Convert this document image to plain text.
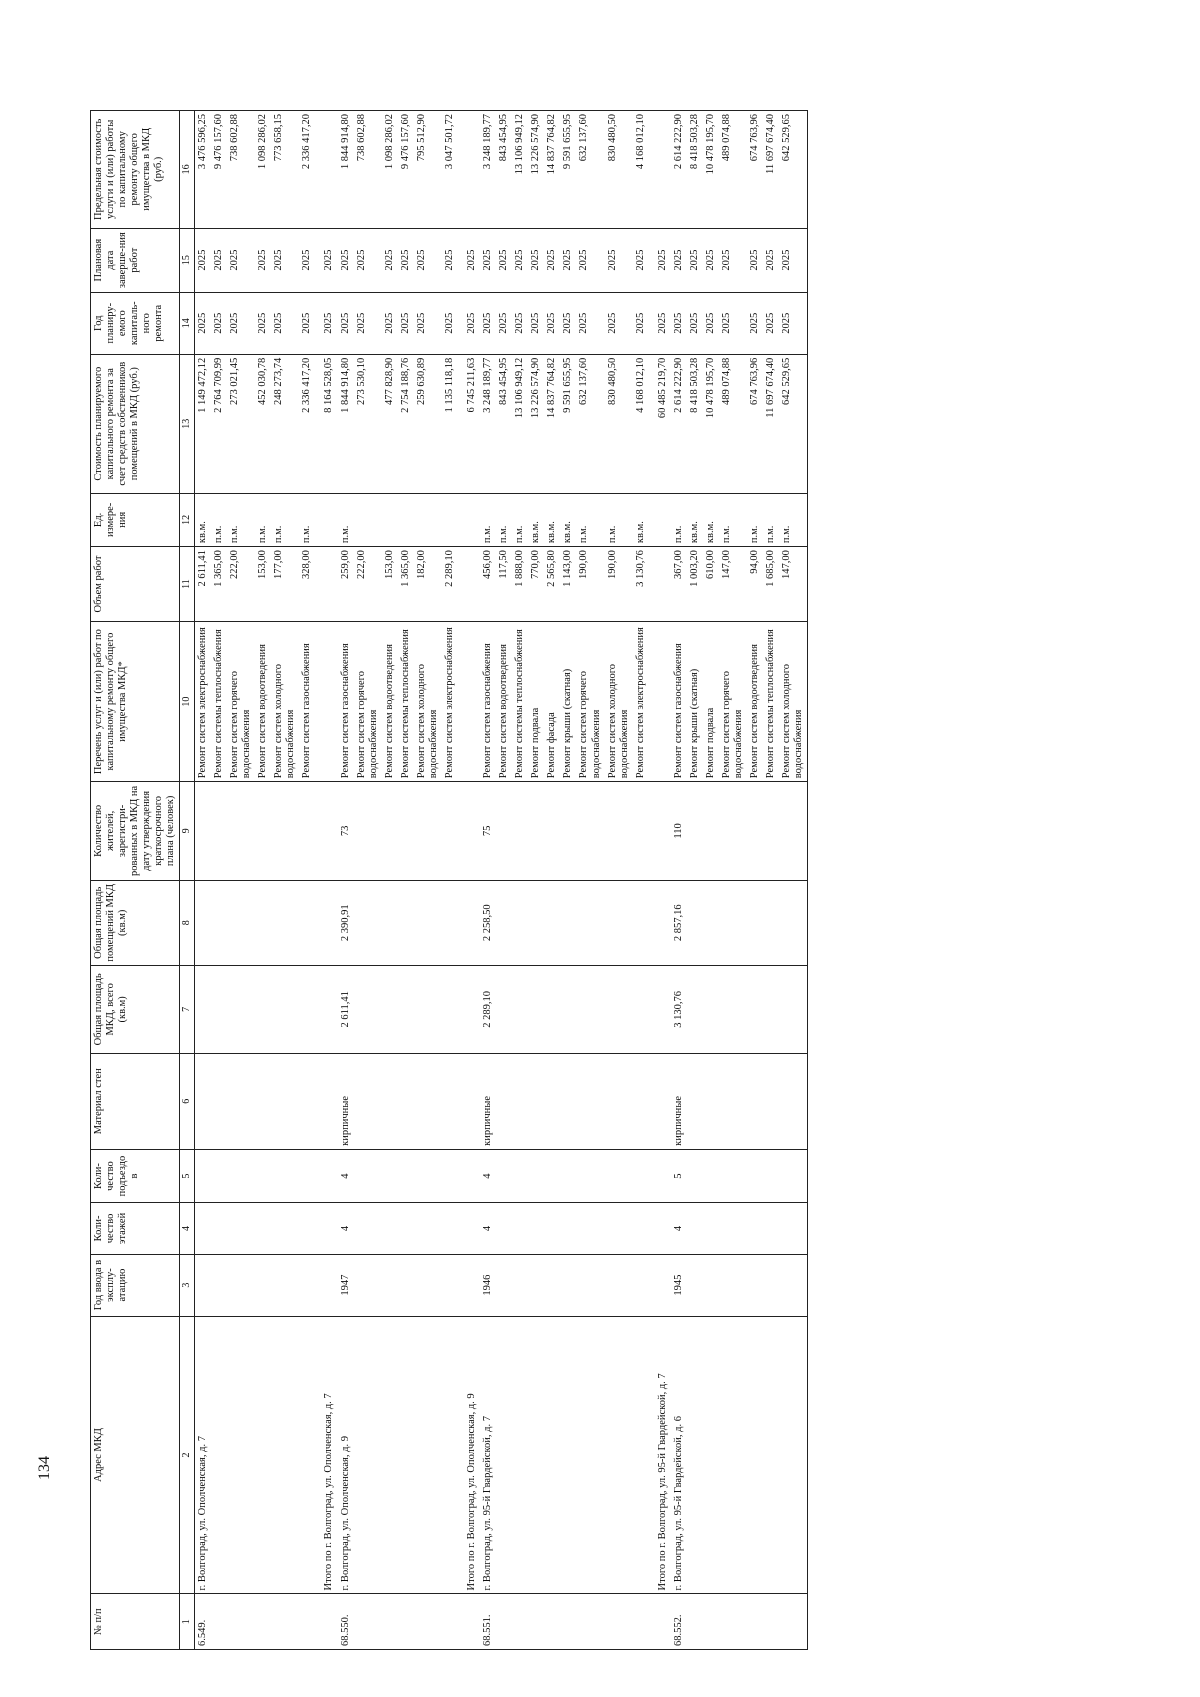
134
№ п/п	Адрес МКД	Год ввода в эксплу-атацию	Коли-чество этажей	Коли-чество подъездо в	Материал стен	Общая площадь МКД, всего (кв.м)	Общая площадь помещений МКД (кв.м)	Количество жителей, зарегистри-рованных в МКД на дату утверждения краткосрочного плана (человек)	Перечень услуг и (или) работ по капитальному ремонту общего имущества МКД*	Объем работ	Ед. измере-ния	Стоимость планируемого капитального ремонта за счет средств собственников помещений в МКД (руб.)	Год планиру-емого капиталь-ного ремонта	Плановая дата заверше-ния работ	Предельная стоимость услуги и (или) работы по капитальному ремонту общего имущества в МКД (руб.)
1	2	3	4	5	6	7	8	9	10	11	12	13	14	15	16
6.549.	г. Волгоград, ул. Ополченская, д. 7								Ремонт систем электроснабжения	2 611,41	кв.м.	1 149 472,12	2025	2025	3 476 596,25
									Ремонт системы теплоснабжения	1 365,00	п.м.	2 764 709,99	2025	2025	9 476 157,60
									Ремонт систем горячего водоснабжения	222,00	п.м.	273 021,45	2025	2025	738 602,88
									Ремонт систем водоотведения	153,00	п.м.	452 030,78	2025	2025	1 098 286,02
									Ремонт систем холодного водоснабжения	177,00	п.м.	248 273,74	2025	2025	773 658,15
									Ремонт систем газоснабжения	328,00	п.м.	2 336 417,20	2025	2025	2 336 417,20
	Итого по г. Волгоград, ул. Ополченская, д. 7											8 164 528,05	2025	2025	
68.550.	г. Волгоград, ул. Ополченская, д. 9	1947	4	4	кирпичные	2 611,41	2 390,91	73	Ремонт систем газоснабжения	259,00	п.м.	1 844 914,80	2025	2025	1 844 914,80
									Ремонт систем горячего водоснабжения	222,00		273 530,10	2025	2025	738 602,88
									Ремонт систем водоотведения	153,00		477 828,90	2025	2025	1 098 286,02
									Ремонт системы теплоснабжения	1 365,00		2 754 188,76	2025	2025	9 476 157,60
									Ремонт систем холодного водоснабжения	182,00		259 630,89	2025	2025	795 512,90
									Ремонт систем электроснабжения	2 289,10		1 135 118,18	2025	2025	3 047 501,72
	Итого по г. Волгоград, ул. Ополченская, д. 9											6 745 211,63	2025	2025	
68.551.	г. Волгоград, ул. 95-й Гвардейской, д. 7	1946	4	4	кирпичные	2 289,10	2 258,50	75	Ремонт систем газоснабжения	456,00	п.м.	3 248 189,77	2025	2025	3 248 189,77
									Ремонт систем водоотведения	117,50	п.м.	843 454,95	2025	2025	843 454,95
									Ремонт системы теплоснабжения	1 888,00	п.м.	13 106 949,12	2025	2025	13 106 949,12
									Ремонт подвала	770,00	кв.м.	13 226 574,90	2025	2025	13 226 574,90
									Ремонт фасада	2 565,80	кв.м.	14 837 764,82	2025	2025	14 837 764,82
									Ремонт крыши (скатная)	1 143,00	кв.м.	9 591 655,95	2025	2025	9 591 655,95
									Ремонт систем горячего водоснабжения	190,00	п.м.	632 137,60	2025	2025	632 137,60
									Ремонт систем холодного водоснабжения	190,00	п.м.	830 480,50	2025	2025	830 480,50
									Ремонт систем электроснабжения	3 130,76	кв.м.	4 168 012,10	2025	2025	4 168 012,10
	Итого по г. Волгоград, ул. 95-й Гвардейской, д. 7											60 485 219,70	2025	2025	
68.552.	г. Волгоград, ул. 95-й Гвардейской, д. 6	1945	4	5	кирпичные	3 130,76	2 857,16	110	Ремонт систем газоснабжения	367,00	п.м.	2 614 222,90	2025	2025	2 614 222,90
									Ремонт крыши (скатная)	1 003,20	кв.м.	8 418 503,28	2025	2025	8 418 503,28
									Ремонт подвала	610,00	кв.м.	10 478 195,70	2025	2025	10 478 195,70
									Ремонт систем горячего водоснабжения	147,00	п.м.	489 074,88	2025	2025	489 074,88
									Ремонт систем водоотведения	94,00	п.м.	674 763,96	2025	2025	674 763,96
									Ремонт системы теплоснабжения	1 685,00	п.м.	11 697 674,40	2025	2025	11 697 674,40
									Ремонт систем холодного водоснабжения	147,00	п.м.	642 529,65	2025	2025	642 529,65
